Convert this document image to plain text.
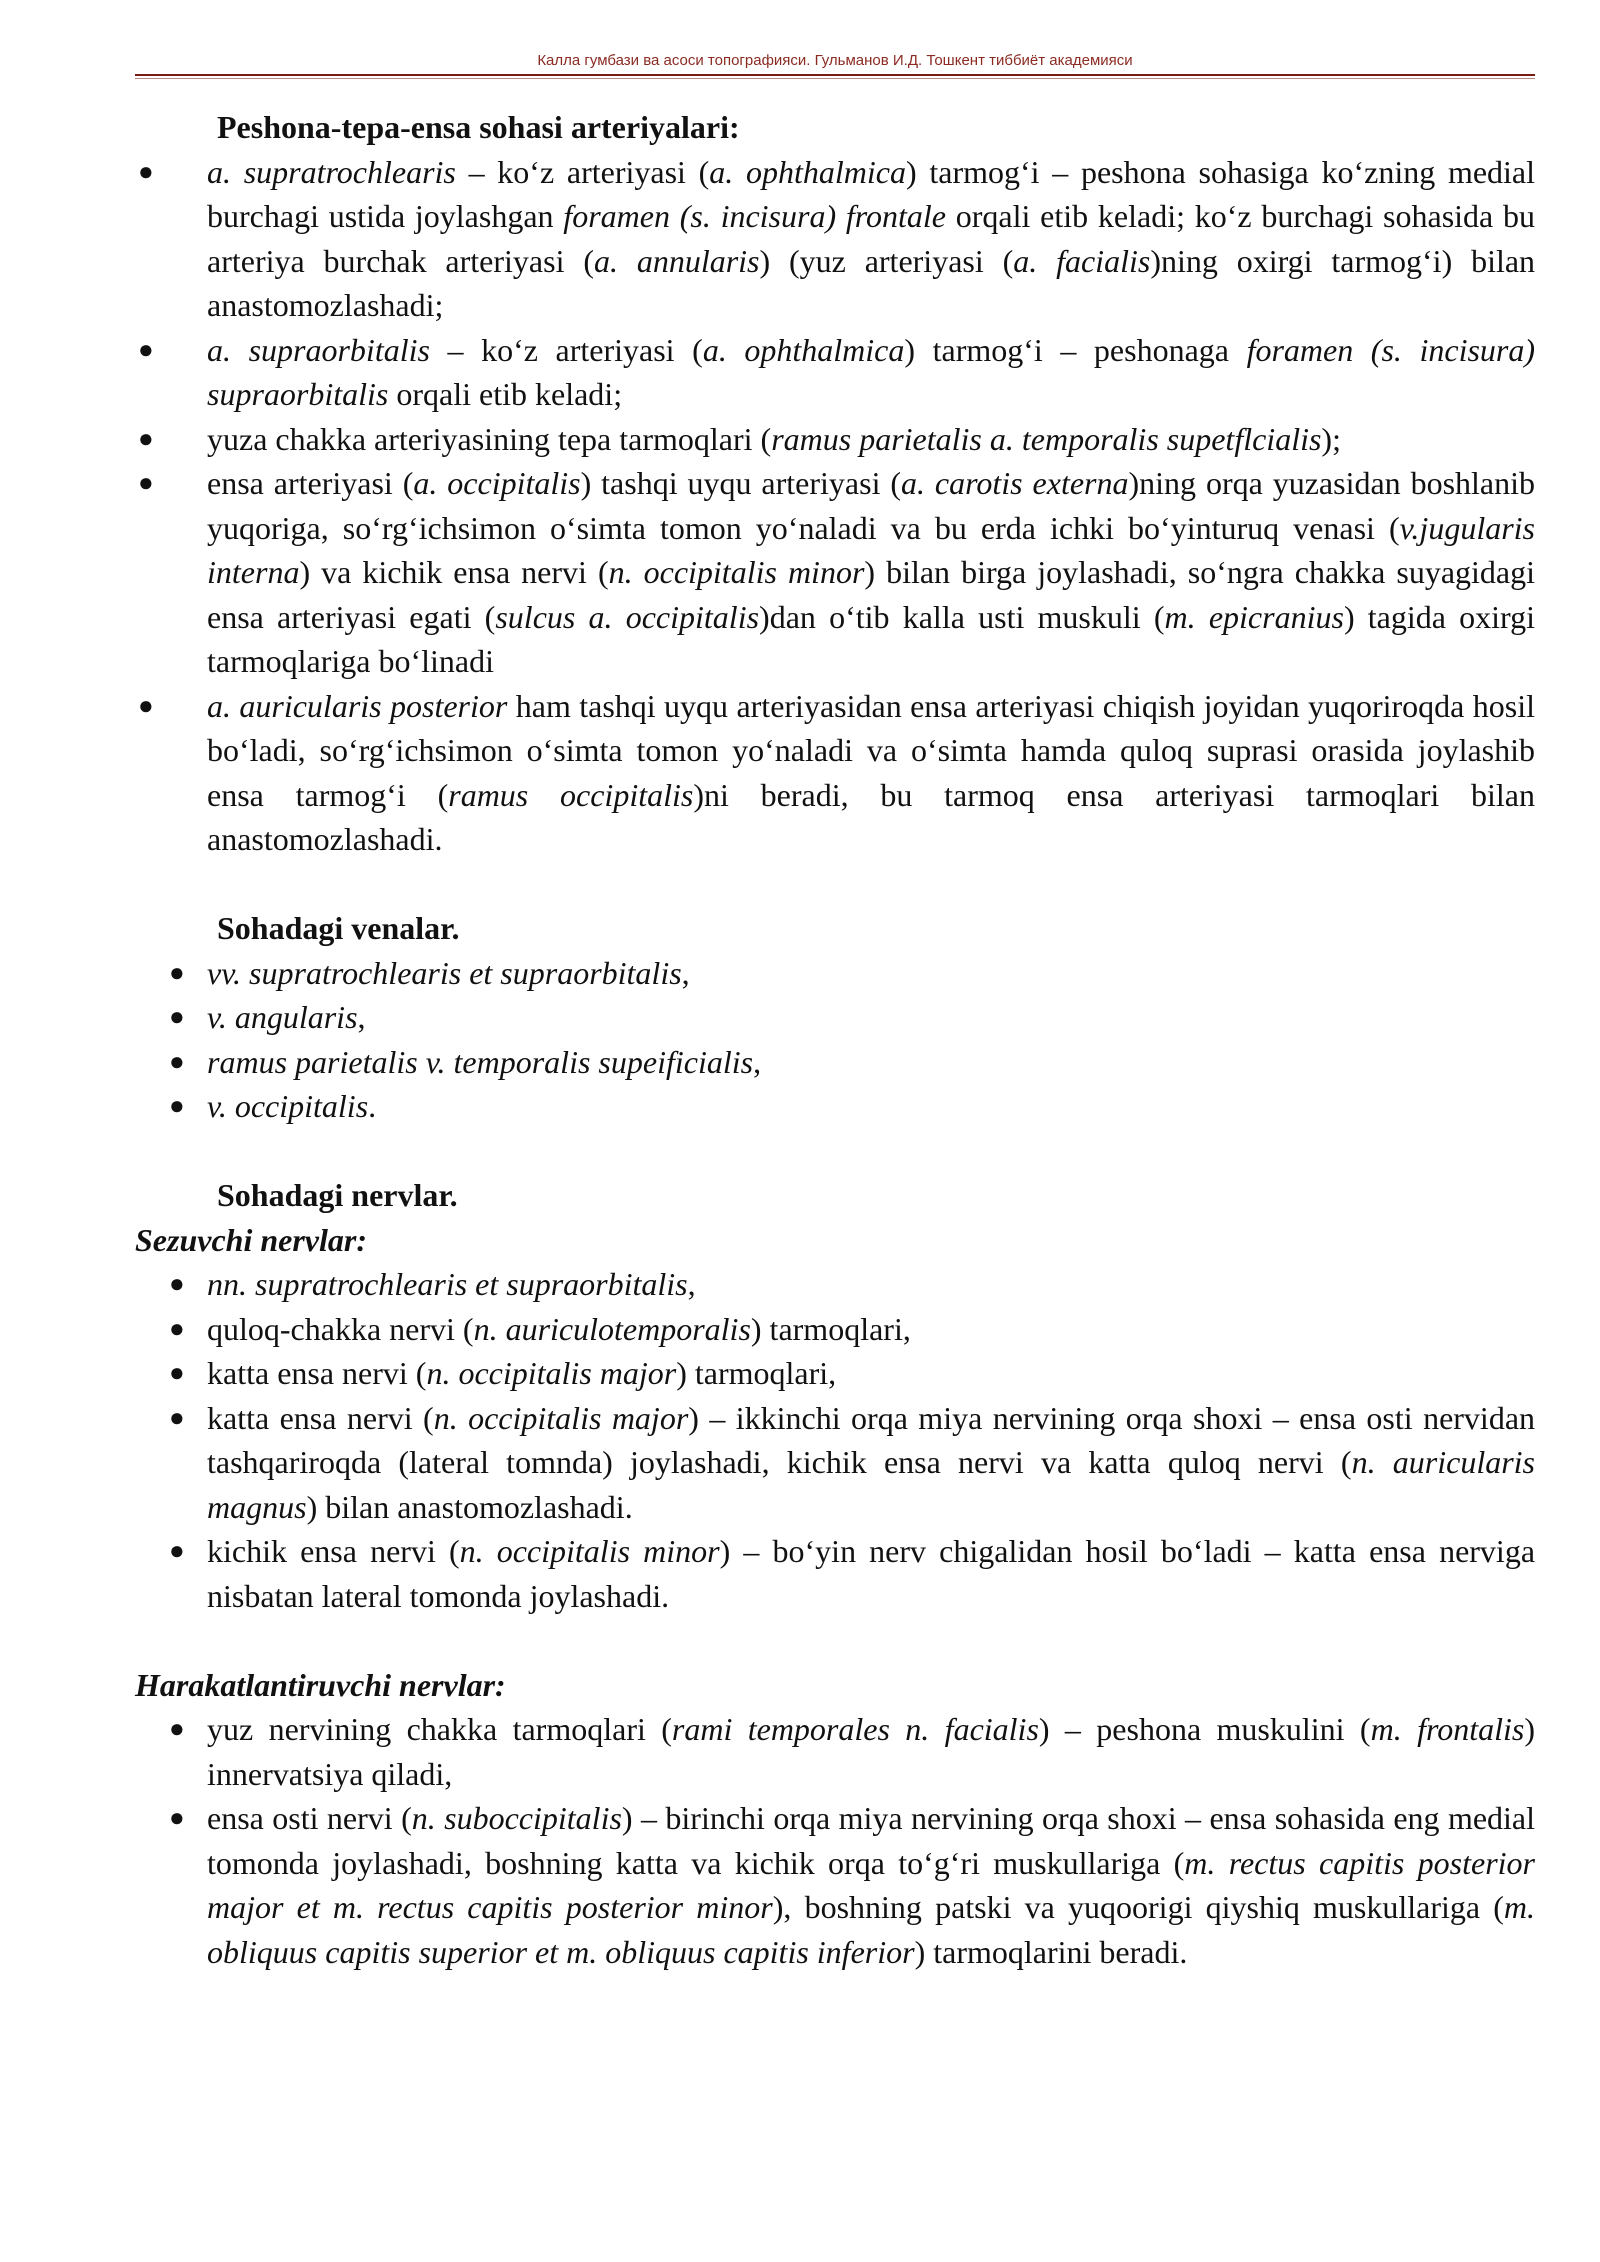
Калла гумбази ва асоси топографияси. Гульманов И.Д. Тошкент тиббиёт академияси

Peshona-tepa-ensa sohasi arteriyalari:

● a. supratrochlearis – ko‘z arteriyasi (a. ophthalmica) tarmog‘i – peshona sohasiga ko‘zning medial burchagi ustida joylashgan foramen (s. incisura) frontale orqali etib keladi; ko‘z burchagi sohasida bu arteriya burchak arteriyasi (a. annularis) (yuz arteriyasi (a. facialis)ning oxirgi tarmog‘i) bilan anastomozlashadi;
● a. supraorbitalis – ko‘z arteriyasi (a. ophthalmica) tarmog‘i – peshonaga foramen (s. incisura) supraorbitalis orqali etib keladi;
● yuza chakka arteriyasining tepa tarmoqlari (ramus parietalis a. temporalis supetflcialis);
● ensa arteriyasi (a. occipitalis) tashqi uyqu arteriyasi (a. carotis externa)ning orqa yuzasidan boshlanib yuqoriga, so‘rg‘ichsimon o‘simta tomon yo‘naladi va bu erda ichki bo‘yinturuq venasi (v.jugularis interna) va kichik ensa nervi (n. occipitalis minor) bilan birga joylashadi, so‘ngra chakka suyagidagi ensa arteriyasi egati (sulcus a. occipitalis)dan o‘tib kalla usti muskuli (m. epicranius) tagida oxirgi tarmoqlariga bo‘linadi
● a. auricularis posterior ham tashqi uyqu arteriyasidan ensa arteriyasi chiqish joyidan yuqoriroqda hosil bo‘ladi, so‘rg‘ichsimon o‘simta tomon yo‘naladi va o‘simta hamda quloq suprasi orasida joylashib ensa tarmog‘i (ramus occipitalis)ni beradi, bu tarmoq ensa arteriyasi tarmoqlari bilan anastomozlashadi.

Sohadagi venalar.

● vv. supratrochlearis et supraorbitalis,
● v. angularis,
● ramus parietalis v. temporalis supeificialis,
● v. occipitalis.

Sohadagi nervlar.

Sezuvchi nervlar:

● nn. supratrochlearis et supraorbitalis,
● quloq-chakka nervi (n. auriculotemporalis) tarmoqlari,
● katta ensa nervi (n. occipitalis major) tarmoqlari,
● katta ensa nervi (n. occipitalis major) – ikkinchi orqa miya nervining orqa shoxi – ensa osti nervidan tashqariroqda (lateral tomnda) joylashadi, kichik ensa nervi va katta quloq nervi (n. auricularis magnus) bilan anastomozlashadi.
● kichik ensa nervi (n. occipitalis minor) – bo‘yin nerv chigalidan hosil bo‘ladi – katta ensa nerviga nisbatan lateral tomonda joylashadi.

Harakatlantiruvchi nervlar:

● yuz nervining chakka tarmoqlari (rami temporales n. facialis) – peshona muskulini (m. frontalis) innervatsiya qiladi,
● ensa osti nervi (n. suboccipitalis) – birinchi orqa miya nervining orqa shoxi – ensa sohasida eng medial tomonda joylashadi, boshning katta va kichik orqa to‘g‘ri muskullariga (m. rectus capitis posterior major et m. rectus capitis posterior minor), boshning patski va yuqoorigi qiyshiq muskullariga (m. obliquus capitis superior et m. obliquus capitis inferior) tarmoqlarini beradi.
